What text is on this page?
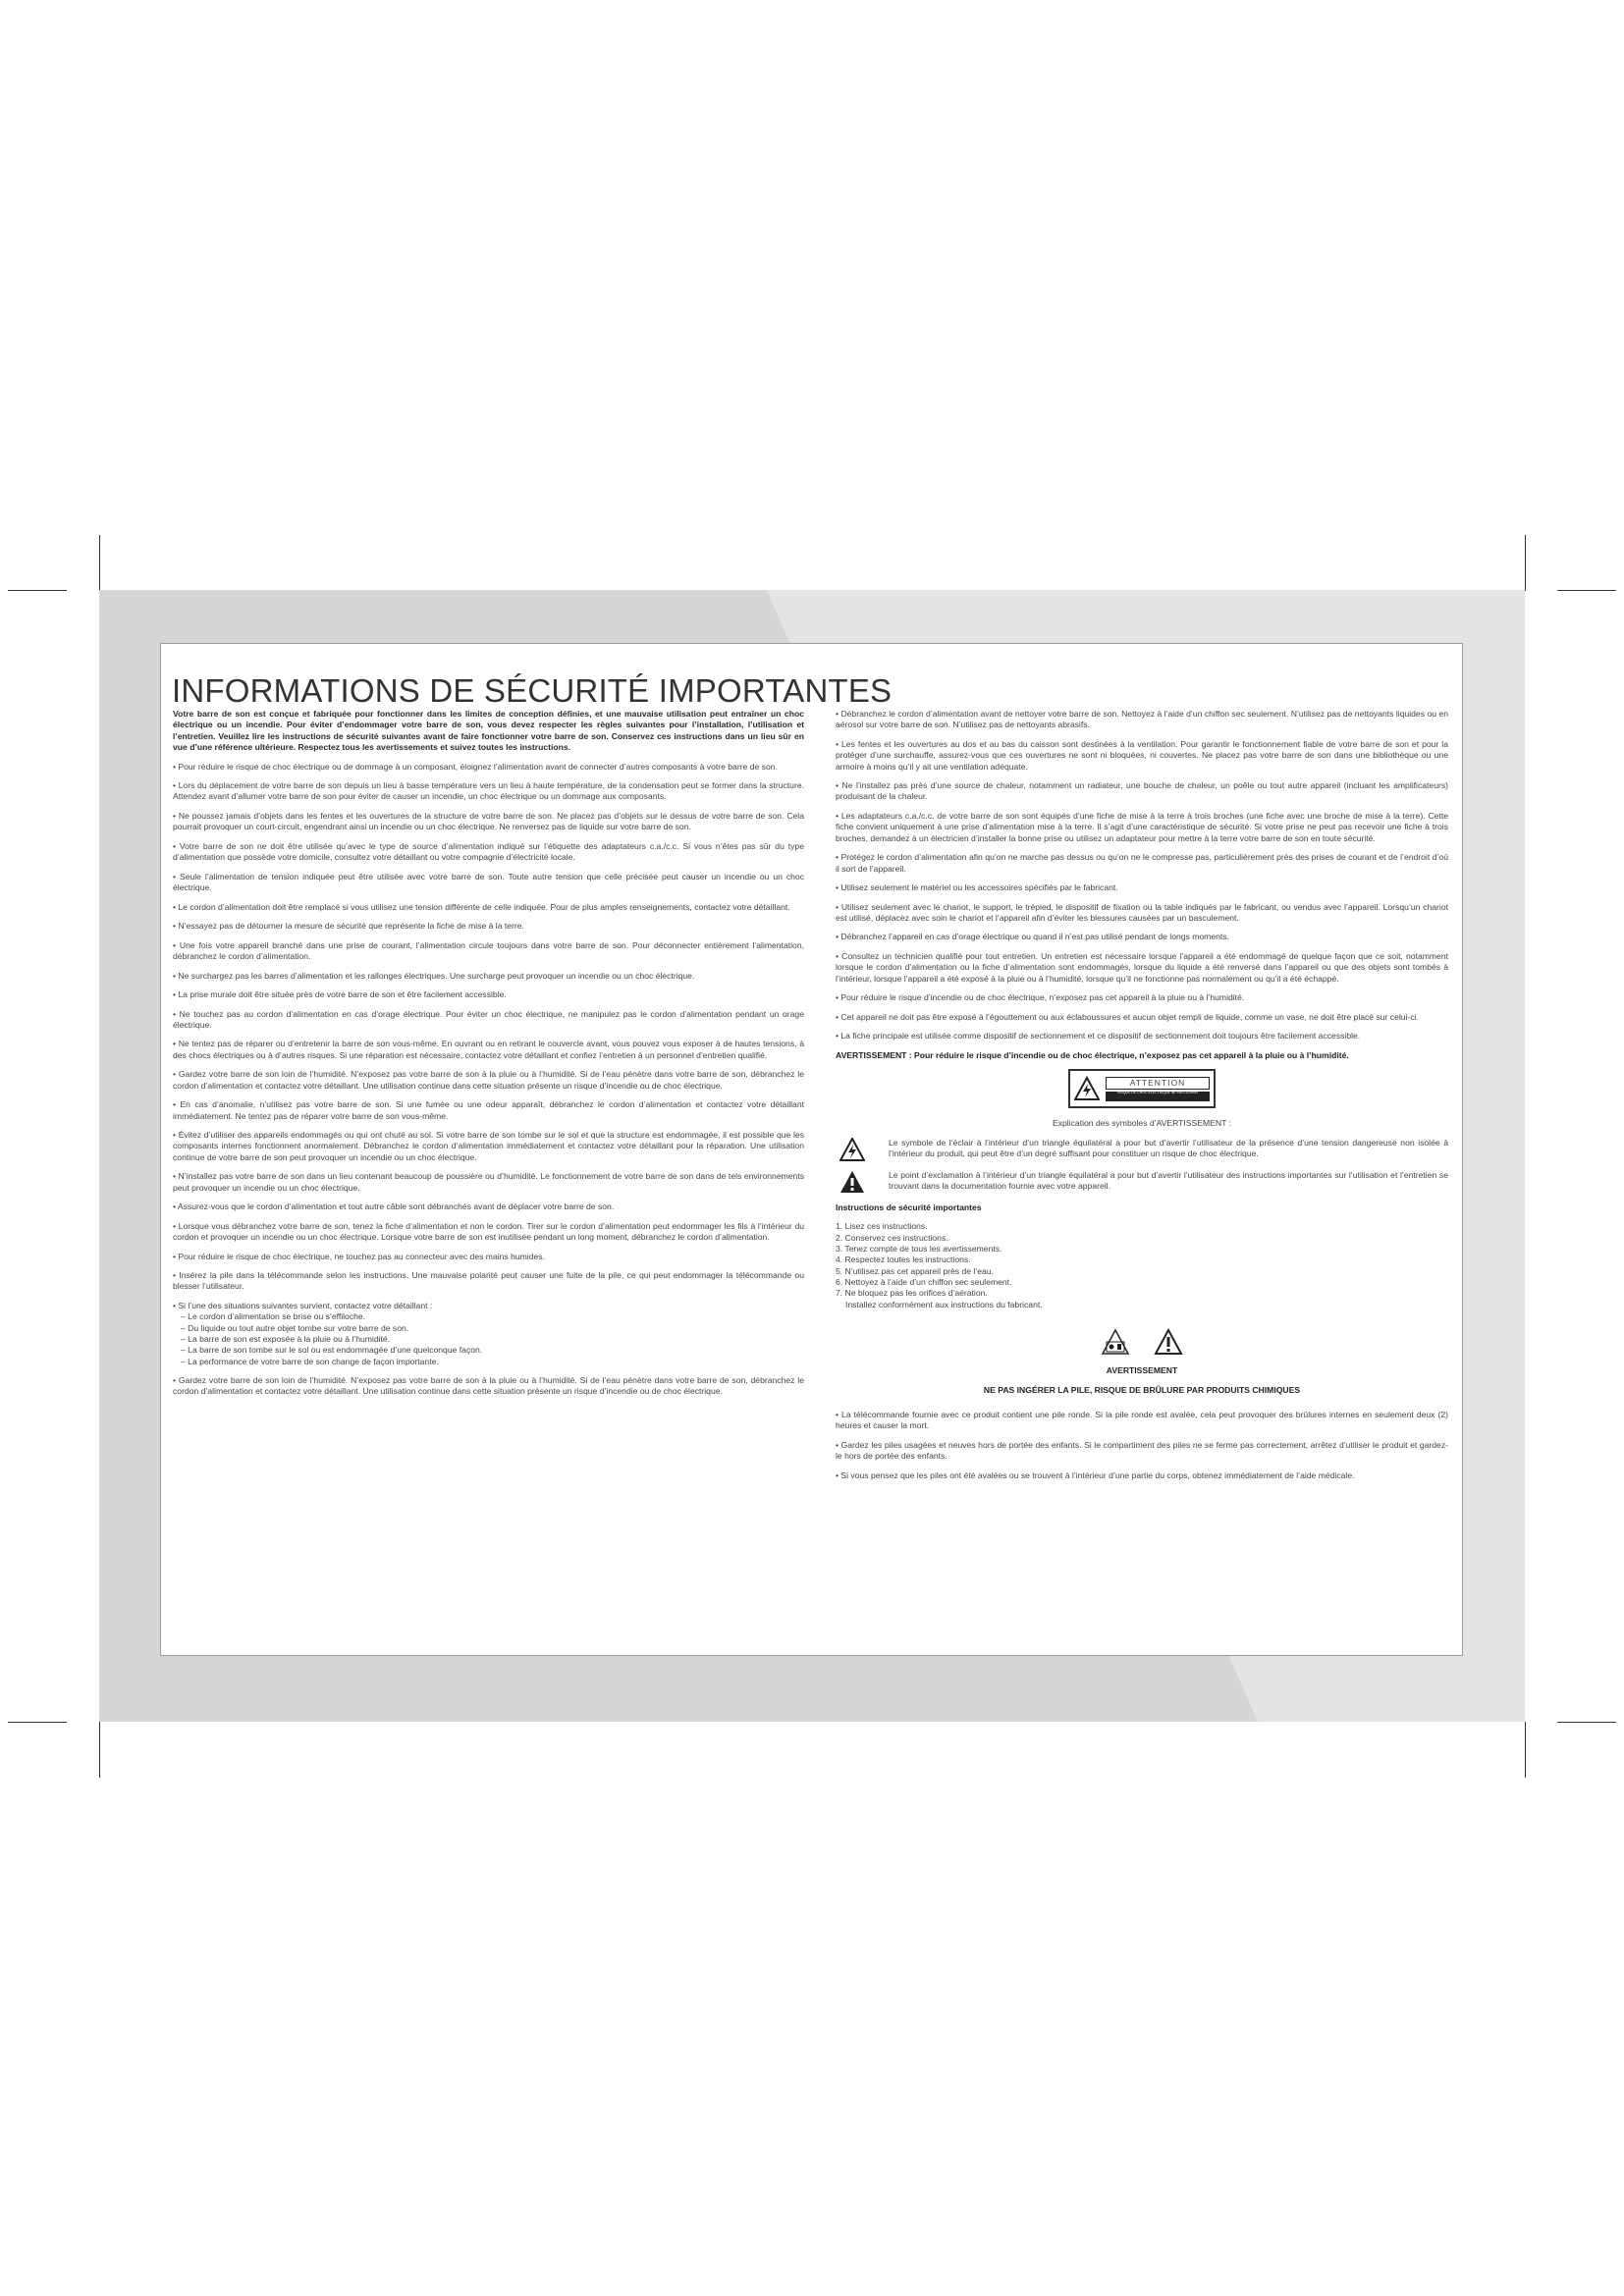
INFORMATIONS DE SÉCURITÉ IMPORTANTES

Votre barre de son est conçue et fabriquée pour fonctionner dans les limites de conception définies, et une mauvaise utilisation peut entraîner un choc électrique ou un incendie. Pour éviter d’endommager votre barre de son, vous devez respecter les règles suivantes pour l’installation, l’utilisation et l’entretien. Veuillez lire les instructions de sécurité suivantes avant de faire fonctionner votre barre de son. Conservez ces instructions dans un lieu sûr en vue d’une référence ultérieure. Respectez tous les avertissements et suivez toutes les instructions.

• Pour réduire le risque de choc électrique ou de dommage à un composant, éloignez l’alimentation avant de connecter d’autres composants à votre barre de son.

• Lors du déplacement de votre barre de son depuis un lieu à basse température vers un lieu à haute température, de la condensation peut se former dans la structure. Attendez avant d’allumer votre barre de son pour éviter de causer un incendie, un choc électrique ou un dommage aux composants.

• Ne poussez jamais d’objets dans les fentes et les ouvertures de la structure de votre barre de son. Ne placez pas d’objets sur le dessus de votre barre de son. Cela pourrait provoquer un court-circuit, engendrant ainsi un incendie ou un choc électrique. Ne renversez pas de liquide sur votre barre de son.

• Votre barre de son ne doit être utilisée qu’avec le type de source d’alimentation indiqué sur l’étiquette des adaptateurs c.a./c.c. Si vous n’êtes pas sûr du type d’alimentation que possède votre domicile, consultez votre détaillant ou votre compagnie d’électricité locale.

• Seule l’alimentation de tension indiquée peut être utilisée avec votre barre de son. Toute autre tension que celle précisée peut causer un incendie ou un choc électrique.

• Le cordon d’alimentation doit être remplacé si vous utilisez une tension différente de celle indiquée. Pour de plus amples renseignements, contactez votre détaillant.

• N’essayez pas de détourner la mesure de sécurité que représente la fiche de mise à la terre.

• Une fois votre appareil branché dans une prise de courant, l’alimentation circule toujours dans votre barre de son. Pour déconnecter entièrement l’alimentation, débranchez le cordon d’alimentation.

• Ne surchargez pas les barres d’alimentation et les rallonges électriques. Une surcharge peut provoquer un incendie ou un choc électrique.

• La prise murale doit être située près de votre barre de son et être facilement accessible.

• Ne touchez pas au cordon d’alimentation en cas d’orage électrique. Pour éviter un choc électrique, ne manipulez pas le cordon d’alimentation pendant un orage électrique.

• Ne tentez pas de réparer ou d’entretenir la barre de son vous-même. En ouvrant ou en retirant le couvercle avant, vous pouvez vous exposer à de hautes tensions, à des chocs électriques ou à d’autres risques. Si une réparation est nécessaire, contactez votre détaillant et confiez l’entretien à un personnel d’entretien qualifié.

• Gardez votre barre de son loin de l’humidité. N’exposez pas votre barre de son à la pluie ou à l’humidité. Si de l’eau pénètre dans votre barre de son, débranchez le cordon d’alimentation et contactez votre détaillant. Une utilisation continue dans cette situation présente un risque d’incendie ou de choc électrique.

• En cas d’anomalie, n’utilisez pas votre barre de son. Si une fumée ou une odeur apparaît, débranchez le cordon d’alimentation et contactez votre détaillant immédiatement. Ne tentez pas de réparer votre barre de son vous-même.

• Évitez d’utiliser des appareils endommagés ou qui ont chuté au sol. Si votre barre de son tombe sur le sol et que la structure est endommagée, il est possible que les composants internes fonctionnent anormalement. Débranchez le cordon d’alimentation immédiatement et contactez votre détaillant pour la réparation. Une utilisation continue de votre barre de son peut provoquer un incendie ou un choc électrique.

• N’installez pas votre barre de son dans un lieu contenant beaucoup de poussière ou d’humidité. Le fonctionnement de votre barre de son dans de tels environnements peut provoquer un incendie ou un choc électrique.

• Assurez-vous que le cordon d’alimentation et tout autre câble sont débranchés avant de déplacer votre barre de son.

• Lorsque vous débranchez votre barre de son, tenez la fiche d’alimentation et non le cordon. Tirer sur le cordon d’alimentation peut endommager les fils à l’intérieur du cordon et provoquer un incendie ou un choc électrique. Lorsque votre barre de son est inutilisée pendant un long moment, débranchez le cordon d’alimentation.

• Pour réduire le risque de choc électrique, ne touchez pas au connecteur avec des mains humides.

• Insérez la pile dans la télécommande selon les instructions. Une mauvaise polarité peut causer une fuite de la pile, ce qui peut endommager la télécommande ou blesser l’utilisateur.

• Si l’une des situations suivantes survient, contactez votre détaillant :

– Le cordon d’alimentation se brise ou s’effiloche.
– Du liquide ou tout autre objet tombe sur votre barre de son.
– La barre de son est exposée à la pluie ou à l’humidité.
– La barre de son tombe sur le sol ou est endommagée d’une quelconque façon.
– La performance de votre barre de son change de façon importante.

• Gardez votre barre de son loin de l’humidité. N’exposez pas votre barre de son à la pluie ou à l’humidité. Si de l’eau pénètre dans votre barre de son, débranchez le cordon d’alimentation et contactez votre détaillant. Une utilisation continue dans cette situation présente un risque d’incendie ou de choc électrique.

• Débranchez le cordon d’alimentation avant de nettoyer votre barre de son. Nettoyez à l’aide d’un chiffon sec seulement. N’utilisez pas de nettoyants liquides ou en aérosol sur votre barre de son. N’utilisez pas de nettoyants abrasifs.

• Les fentes et les ouvertures au dos et au bas du caisson sont destinées à la ventilation. Pour garantir le fonctionnement fiable de votre barre de son et pour la protéger d’une surchauffe, assurez-vous que ces ouvertures ne sont ni bloquées, ni couvertes. Ne placez pas votre barre de son dans une bibliothèque ou une armoire à moins qu’il y ait une ventilation adéquate.

• Ne l’installez pas près d’une source de chaleur, notamment un radiateur, une bouche de chaleur, un poêle ou tout autre appareil (incluant les amplificateurs) produisant de la chaleur.

• Les adaptateurs c.a./c.c. de votre barre de son sont équipés d’une fiche de mise à la terre à trois broches (une fiche avec une broche de mise à la terre). Cette fiche convient uniquement à une prise d’alimentation mise à la terre. Il s’agit d’une caractéristique de sécurité. Si votre prise ne peut pas recevoir une fiche à trois broches, demandez à un électricien d’installer la bonne prise ou utilisez un adaptateur pour mettre à la terre votre barre de son en toute sécurité.

• Protégez le cordon d’alimentation afin qu’on ne marche pas dessus ou qu’on ne le compresse pas, particulièrement près des prises de courant et de l’endroit d’où il sort de l’appareil.

• Utilisez seulement le matériel ou les accessoires spécifiés par le fabricant.

• Utilisez seulement avec le chariot, le support, le trépied, le dispositif de fixation ou la table indiqués par le fabricant, ou vendus avec l’appareil. Lorsqu’un chariot est utilisé, déplacez avec soin le chariot et l’appareil afin d’éviter les blessures causées par un basculement.

• Débranchez l’appareil en cas d’orage électrique ou quand il n’est pas utilisé pendant de longs moments.

• Consultez un technicien qualifié pour tout entretien. Un entretien est nécessaire lorsque l’appareil a été endommagé de quelque façon que ce soit, notamment lorsque le cordon d’alimentation ou la fiche d’alimentation sont endommagés, lorsque du liquide a été renversé dans l’appareil ou que des objets sont tombés à l’intérieur, lorsque l’appareil a été exposé à la pluie ou à l’humidité, lorsque qu’il ne fonctionne pas normalement ou qu’il a été échappé.

• Pour réduire le risque d’incendie ou de choc électrique, n’exposez pas cet appareil à la pluie ou à l’humidité.

• Cet appareil ne doit pas être exposé à l’égouttement ou aux éclaboussures et aucun objet rempli de liquide, comme un vase, ne doit être placé sur celui-ci.

• La fiche principale est utilisée comme dispositif de sectionnement et ce dispositif de sectionnement doit toujours être facilement accessible.

AVERTISSEMENT : Pour réduire le risque d’incendie ou de choc électrique, n’exposez pas cet appareil à la pluie ou à l’humidité.

ATTENTION
RISQUE DE CHOC ÉLECTRIQUE NE PAS OUVRIR

Explication des symboles d’AVERTISSEMENT :

Le symbole de l’éclair à l’intérieur d’un triangle équilatéral a pour but d’avertir l’utilisateur de la présence d’une tension dangereuse non isolée à l’intérieur du produit, qui peut être d’un degré suffisant pour constituer un risque de choc électrique.
Le point d’exclamation à l’intérieur d’un triangle équilatéral a pour but d’avertir l’utilisateur des instructions importantes sur l’utilisation et l’entretien se trouvant dans la documentation fournie avec votre appareil.

Instructions de sécurité importantes

1. Lisez ces instructions.
2. Conservez ces instructions.
3. Tenez compte de tous les avertissements.
4. Respectez toutes les instructions.
5. N’utilisez pas cet appareil près de l’eau.
6. Nettoyez à l’aide d’un chiffon sec seulement.
7. Ne bloquez pas les orifices d’aération.
Installez conformément aux instructions du fabricant.

AVERTISSEMENT

NE PAS INGÉRER LA PILE, RISQUE DE BRÛLURE PAR PRODUITS CHIMIQUES

• La télécommande fournie avec ce produit contient une pile ronde. Si la pile ronde est avalée, cela peut provoquer des brûlures internes en seulement deux (2) heures et causer la mort.

• Gardez les piles usagées et neuves hors de portée des enfants. Si le compartiment des piles ne se ferme pas correctement, arrêtez d’utiliser le produit et gardez-le hors de portée des enfants.

• Si vous pensez que les piles ont été avalées ou se trouvent à l’intérieur d’une partie du corps, obtenez immédiatement de l’aide médicale.
